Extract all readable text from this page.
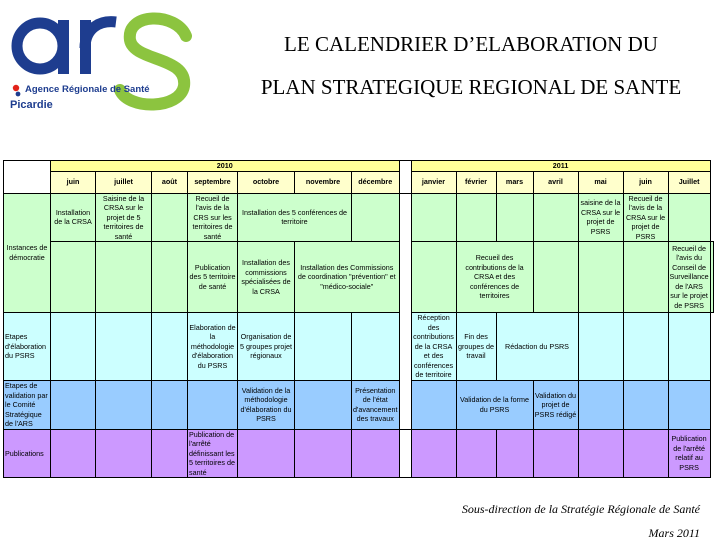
Agence Régionale de Santé
Picardie
LE CALENDRIER D’ELABORATION DU
PLAN STRATEGIQUE REGIONAL DE SANTE
	2010								2011							
	juin	juillet	août	septembre	octobre	novembre	décembre		janvier	février	mars	avril	mai	juin	Juillet	
Instances de démocratie	Installation de la CRSA	Saisine de la CRSA sur le projet de 5 territoires de santé		Recueil de l'avis de la CRS sur les territoires de santé	Installation des 5 conférences de territoire								saisine de la CRSA sur le projet de PSRS	Recueil de l'avis de la CRSA sur le projet de PSRS		
				Publication des 5 territoire de santé	Installation des commissions spécialisées de la CRSA	Installation des Commissions de coordination "prévention" et "médico-sociale"				Recueil des contributions de la CRSA et des conférences de territoires					Recueil de l'avis du Conseil de Surveillance de l'ARS sur le projet de PSRS	
Etapes d'élaboration du PSRS				Elaboration de la méthodologie d'élaboration du PSRS	Organisation de 5 groupes projet régionaux				Réception des contributions de la CRSA et des conférences de territoire	Fin des groupes de travail	Rédaction du PSRS					
Etapes de validation par le Comité Stratégique de l'ARS					Validation de la méthodologie d'élaboration du PSRS		Présentation de l'état d'avancement des travaux			Validation de la forme du PSRS		Validation du projet de PSRS rédigé				
Publications				Publication de l'arrêté définissant les 5 territoires de santé											Publication de l'arrêté relatif au PSRS	
Sous-direction de la Stratégie Régionale de Santé
Mars 2011
